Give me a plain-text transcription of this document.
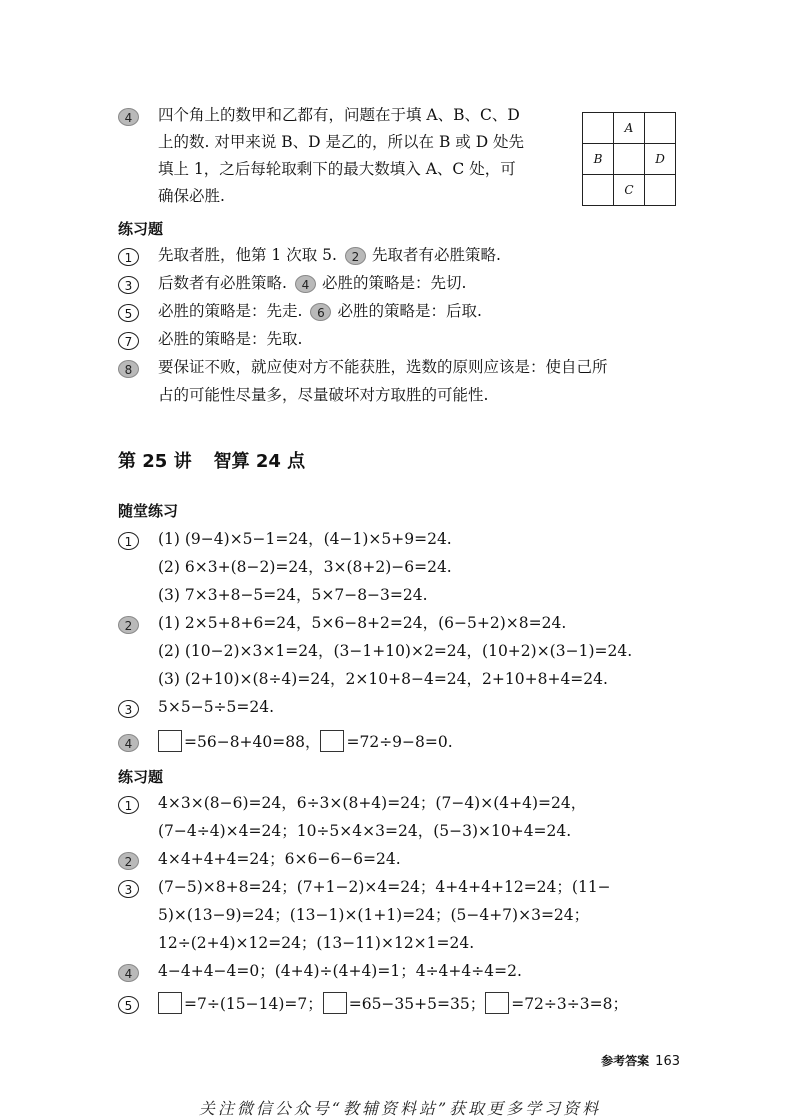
4	四个角上的数甲和乙都有，问题在于填 A、B、C、D
上的数. 对甲来说 B、D 是乙的，所以在 B 或 D 处先
填上 1，之后每轮取剩下的最大数填入 A、C 处，可
确保必胜.
A
B	D
C
练习题
1	先取者胜，他第 1 次取 5. 2 先取者有必胜策略.
3	后数者有必胜策略. 4 必胜的策略是：先切.
5	必胜的策略是：先走. 6 必胜的策略是：后取.
7	必胜的策略是：先取.
8	要保证不败，就应使对方不能获胜，选数的原则应该是：使自己所
占的可能性尽量多，尽量破坏对方取胜的可能性.
第 25 讲 智算 24 点
随堂练习
1	(1) (9−4)×5−1=24，(4−1)×5+9=24.
(2) 6×3+(8−2)=24，3×(8+2)−6=24.
(3) 7×3+8−5=24，5×7−8−3=24.
2	(1) 2×5+8+6=24，5×6−8+2=24，(6−5+2)×8=24.
(2) (10−2)×3×1=24，(3−1+10)×2=24，(10+2)×(3−1)=24.
(3) (2+10)×(8÷4)=24，2×10+8−4=24，2+10+8+4=24.
3	5×5−5÷5=24.
4	=56−8+40=88， =72÷9−8=0.
练习题
1	4×3×(8−6)=24，6÷3×(8+4)=24；(7−4)×(4+4)=24，
(7−4÷4)×4=24；10÷5×4×3=24，(5−3)×10+4=24.
2	4×4+4+4=24；6×6−6−6=24.
3	(7−5)×8+8=24；(7+1−2)×4=24；4+4+4+12=24；(11−
5)×(13−9)=24；(13−1)×(1+1)=24；(5−4+7)×3=24；
12÷(2+4)×12=24；(13−11)×12×1=24.
4	4−4+4−4=0；(4+4)÷(4+4)=1；4÷4+4÷4=2.
5	=7÷(15−14)=7； =65−35+5=35； =72÷3÷3=8；
参考答案 163
关注微信公众号“教辅资料站”获取更多学习资料
